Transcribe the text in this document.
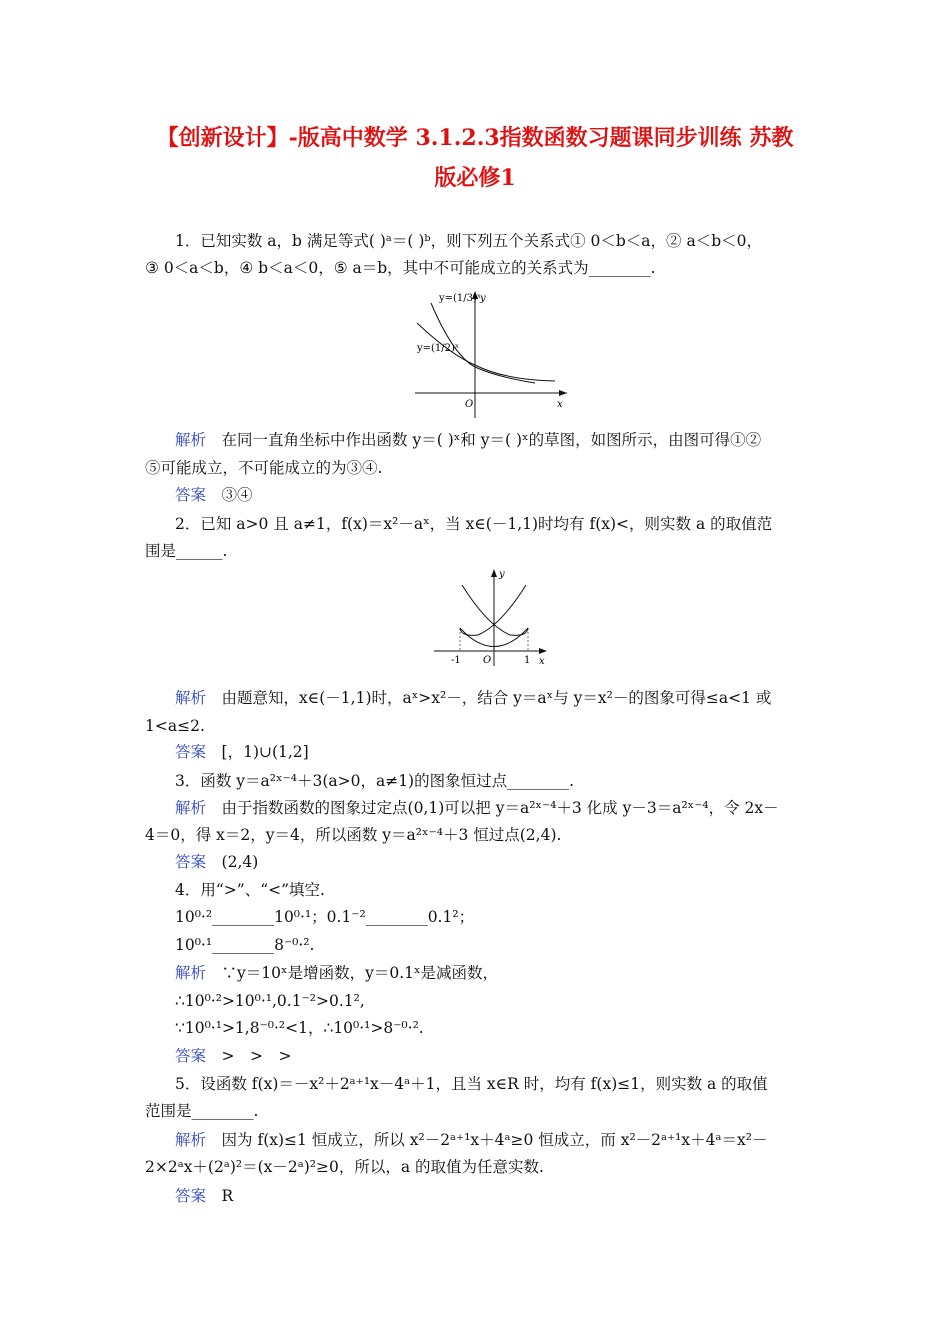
【创新设计】-版高中数学 3.1.2.3指数函数习题课同步训练 苏教
版必修1
1．已知实数 a，b 满足等式( )ᵃ＝( )ᵇ，则下列五个关系式① 0＜b＜a，② a＜b＜0，
③ 0＜a＜b，④ b＜a＜0，⑤ a＝b，其中不可能成立的关系式为________.
y=(1/3)ˣ
y=(1/2)ˣ
y
x
O
解析　 在同一直角坐标中作出函数 y＝( )ˣ和 y＝( )ˣ的草图，如图所示，由图可得①②
⑤可能成立，不可能成立的为③④.
答案　 ③④
2．已知 a>0 且 a≠1，f(x)＝x²－aˣ，当 x∈(－1,1)时均有 f(x)<，则实数 a 的取值范
围是______.
y
x
O
-1	1
解析　 由题意知，x∈(－1,1)时，aˣ>x²－，结合 y＝aˣ与 y＝x²－的图象可得≤a<1 或
1<a≤2.
答案　 [，1)∪(1,2]
3．函数 y＝a²ˣ⁻⁴＋3(a>0，a≠1)的图象恒过点________.
解析　 由于指数函数的图象过定点(0,1)可以把 y＝a²ˣ⁻⁴＋3 化成 y－3＝a²ˣ⁻⁴，令 2x－
4＝0，得 x＝2，y＝4，所以函数 y＝a²ˣ⁻⁴＋3 恒过点(2,4).
答案　 (2,4)
4．用“>”、“<”填空.
10⁰·²________10⁰·¹；0.1⁻²________0.1²；
10⁰·¹________8⁻⁰·².
解析　 ∵y＝10ˣ是增函数，y＝0.1ˣ是减函数，
∴10⁰·²>10⁰·¹,0.1⁻²>0.1²,
∵10⁰·¹>1,8⁻⁰·²<1，∴10⁰·¹>8⁻⁰·².
答案　 >　>　>
5．设函数 f(x)＝－x²＋2ᵃ⁺¹x－4ᵃ＋1，且当 x∈R 时，均有 f(x)≤1，则实数 a 的取值
范围是________.
解析　 因为 f(x)≤1 恒成立，所以 x²－2ᵃ⁺¹x＋4ᵃ≥0 恒成立，而 x²－2ᵃ⁺¹x＋4ᵃ＝x²－
2×2ᵃx＋(2ᵃ)²＝(x－2ᵃ)²≥0，所以，a 的取值为任意实数.
答案　 R
